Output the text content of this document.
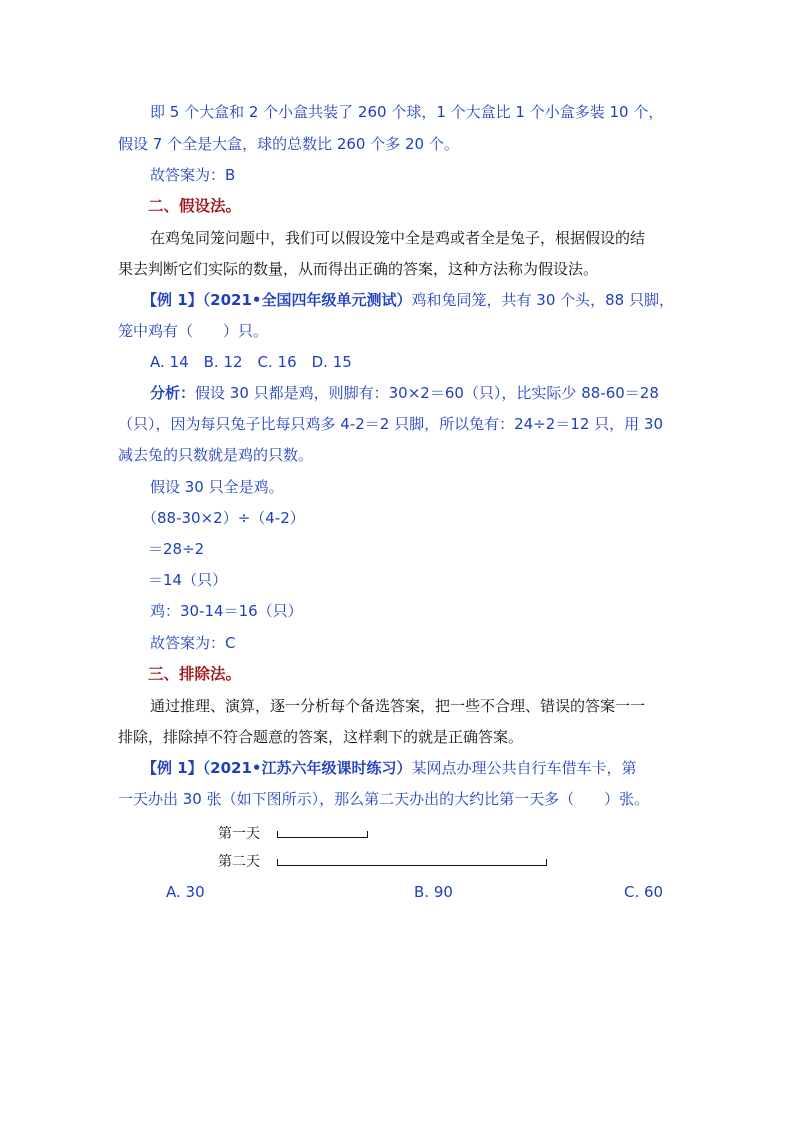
即 5 个大盒和 2 个小盒共装了 260 个球，1 个大盒比 1 个小盒多装 10 个，
假设 7 个全是大盒，球的总数比 260 个多 20 个。
故答案为：B
二、假设法。
在鸡兔同笼问题中，我们可以假设笼中全是鸡或者全是兔子，根据假设的结
果去判断它们实际的数量，从而得出正确的答案，这种方法称为假设法。
【例 1】（2021•全国四年级单元测试）鸡和兔同笼，共有 30 个头，88 只脚，
笼中鸡有（　　）只。
A. 14　B. 12　C. 16　D. 15
分析：假设 30 只都是鸡，则脚有：30×2＝60（只），比实际少 88-60＝28
（只），因为每只兔子比每只鸡多 4-2＝2 只脚，所以兔有：24÷2＝12 只，用 30
减去兔的只数就是鸡的只数。
假设 30 只全是鸡。
（88-30×2）÷（4-2）
＝28÷2
＝14（只）
鸡：30-14＝16（只）
故答案为：C
三、排除法。
通过推理、演算，逐一分析每个备选答案，把一些不合理、错误的答案一一
排除，排除掉不符合题意的答案，这样剩下的就是正确答案。
【例 1】（2021•江苏六年级课时练习）某网点办理公共自行车借车卡，第
一天办出 30 张（如下图所示），那么第二天办出的大约比第一天多（　　）张。
第一天
第二天
A. 30	B. 90	C. 60
